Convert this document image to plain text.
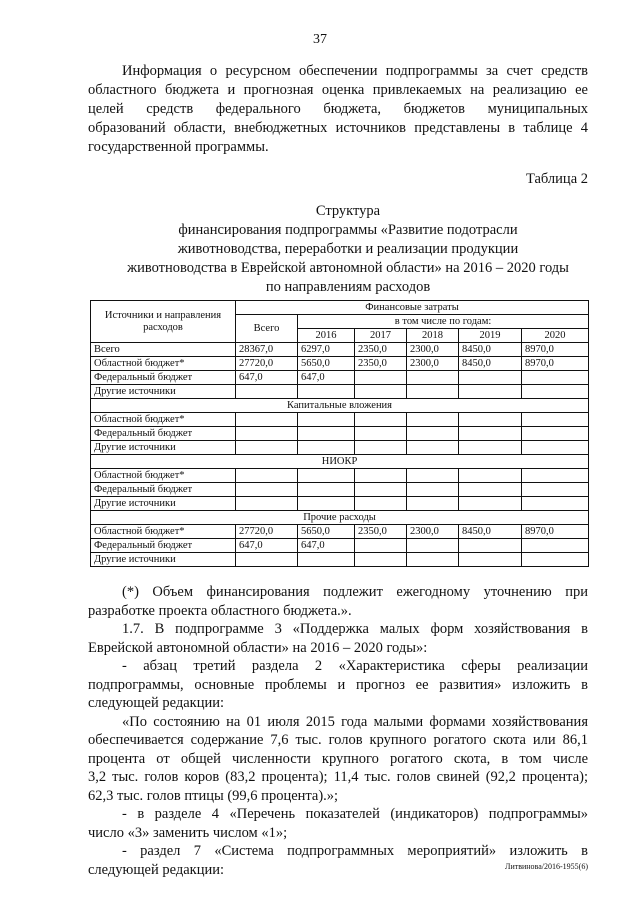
37
Информация о ресурсном обеспечении подпрограммы за счет средств
областного бюджета и прогнозная оценка привлекаемых на реализацию ее
целей средств федерального бюджета, бюджетов муниципальных
образований области, внебюджетных источников представлены в таблице 4
государственной программы.
Таблица 2
Структура
финансирования подпрограммы «Развитие подотрасли
животноводства, переработки и реализации продукции
животноводства в Еврейской автономной области» на 2016 – 2020 годы
по направлениям расходов
Источники и направления расходов	Финансовые затраты					
	Всего	в том числе по годам:				
		2016	2017	2018	2019	2020
Всего	28367,0	6297,0	2350,0	2300,0	8450,0	8970,0
Областной бюджет*	27720,0	5650,0	2350,0	2300,0	8450,0	8970,0
Федеральный бюджет	647,0	647,0				
Другие источники						
Капитальные вложения						
Областной бюджет*						
Федеральный бюджет						
Другие источники						
НИОКР						
Областной бюджет*						
Федеральный бюджет						
Другие источники						
Прочие расходы						
Областной бюджет*	27720,0	5650,0	2350,0	2300,0	8450,0	8970,0
Федеральный бюджет	647,0	647,0				
Другие источники						
(*) Объем финансирования подлежит ежегодному уточнению при
разработке проекта областного бюджета.».
1.7. В подпрограмме 3 «Поддержка малых форм хозяйствования в
Еврейской автономной области» на 2016 – 2020 годы»:
- абзац третий раздела 2 «Характеристика сферы реализации
подпрограммы, основные проблемы и прогноз ее развития» изложить в
следующей редакции:
«По состоянию на 01 июля 2015 года малыми формами хозяйствования
обеспечивается содержание 7,6 тыс. голов крупного рогатого скота или 86,1
процента от общей численности крупного рогатого скота, в том числе
3,2 тыс. голов коров (83,2 процента); 11,4 тыс. голов свиней (92,2 процента);
62,3 тыс. голов птицы (99,6 процента).»;
- в разделе 4 «Перечень показателей (индикаторов) подпрограммы»
число «3» заменить числом «1»;
- раздел 7 «Система подпрограммных мероприятий» изложить в
следующей редакции:	Литвинова/2016-1955(6)
